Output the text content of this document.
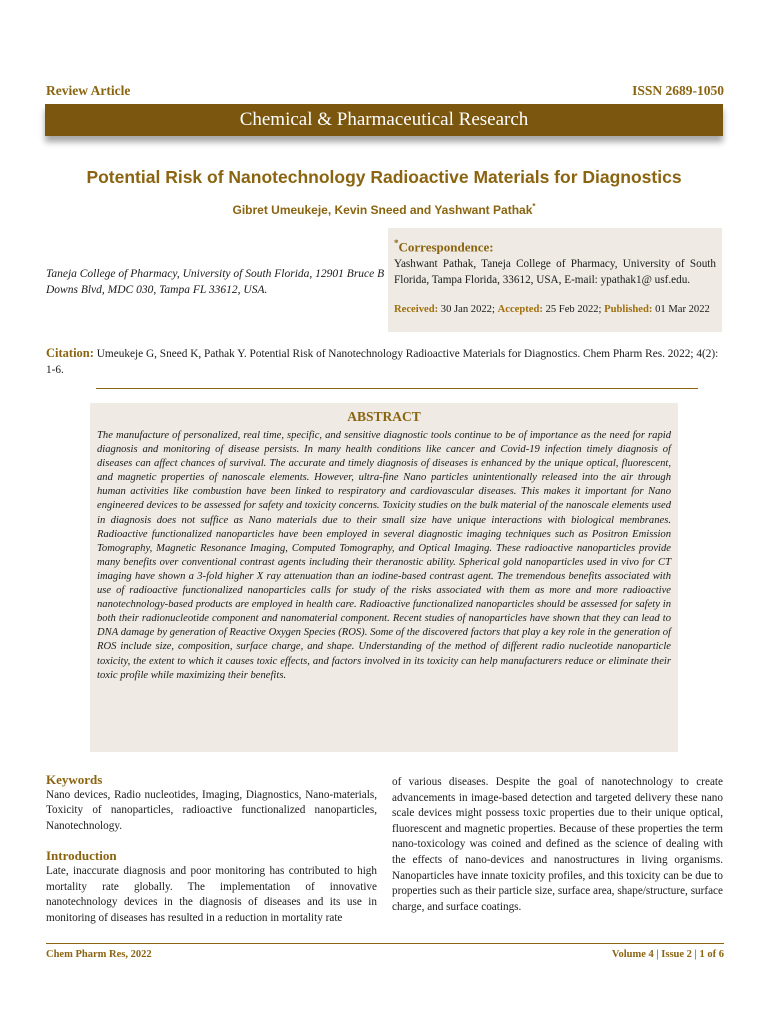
Review Article	ISSN 2689-1050
Chemical & Pharmaceutical Research
Potential Risk of Nanotechnology Radioactive Materials for Diagnostics
Gibret Umeukeje, Kevin Sneed and Yashwant Pathak*
Taneja College of Pharmacy, University of South Florida, 12901 Bruce B Downs Blvd, MDC 030, Tampa FL 33612, USA.
*Correspondence:
Yashwant Pathak, Taneja College of Pharmacy, University of South Florida, Tampa Florida, 33612, USA, E-mail: ypathak1@ usf.edu.
Received: 30 Jan 2022; Accepted: 25 Feb 2022; Published: 01 Mar 2022
Citation: Umeukeje G, Sneed K, Pathak Y. Potential Risk of Nanotechnology Radioactive Materials for Diagnostics. Chem Pharm Res. 2022; 4(2): 1-6.
ABSTRACT

The manufacture of personalized, real time, specific, and sensitive diagnostic tools continue to be of importance as the need for rapid diagnosis and monitoring of disease persists. In many health conditions like cancer and Covid-19 infection timely diagnosis of diseases can affect chances of survival. The accurate and timely diagnosis of diseases is enhanced by the unique optical, fluorescent, and magnetic properties of nanoscale elements. However, ultra-fine Nano particles unintentionally released into the air through human activities like combustion have been linked to respiratory and cardiovascular diseases. This makes it important for Nano engineered devices to be assessed for safety and toxicity concerns. Toxicity studies on the bulk material of the nanoscale elements used in diagnosis does not suffice as Nano materials due to their small size have unique interactions with biological membranes. Radioactive functionalized nanoparticles have been employed in several diagnostic imaging techniques such as Positron Emission Tomography, Magnetic Resonance Imaging, Computed Tomography, and Optical Imaging. These radioactive nanoparticles provide many benefits over conventional contrast agents including their theranostic ability. Spherical gold nanoparticles used in vivo for CT imaging have shown a 3-fold higher X ray attenuation than an iodine-based contrast agent. The tremendous benefits associated with use of radioactive functionalized nanoparticles calls for study of the risks associated with them as more and more radioactive nanotechnology-based products are employed in health care. Radioactive functionalized nanoparticles should be assessed for safety in both their radionucleotide component and nanomaterial component. Recent studies of nanoparticles have shown that they can lead to DNA damage by generation of Reactive Oxygen Species (ROS). Some of the discovered factors that play a key role in the generation of ROS include size, composition, surface charge, and shape. Understanding of the method of different radio nucleotide nanoparticle toxicity, the extent to which it causes toxic effects, and factors involved in its toxicity can help manufacturers reduce or eliminate their toxic profile while maximizing their benefits.

Keywords

Nano devices, Radio nucleotides, Imaging, Diagnostics, Nano-materials, Toxicity of nanoparticles, radioactive functionalized nanoparticles, Nanotechnology.

Introduction

Late, inaccurate diagnosis and poor monitoring has contributed to high mortality rate globally. The implementation of innovative nanotechnology devices in the diagnosis of diseases and its use in monitoring of diseases has resulted in a reduction in mortality rate

of various diseases. Despite the goal of nanotechnology to create advancements in image-based detection and targeted delivery these nano scale devices might possess toxic properties due to their unique optical, fluorescent and magnetic properties. Because of these properties the term nano-toxicology was coined and defined as the science of dealing with the effects of nano-devices and nanostructures in living organisms. Nanoparticles have innate toxicity profiles, and this toxicity can be due to properties such as their particle size, surface area, shape/structure, surface charge, and surface coatings.

Chem Pharm Res, 2022	Volume 4 | Issue 2 | 1 of 6
